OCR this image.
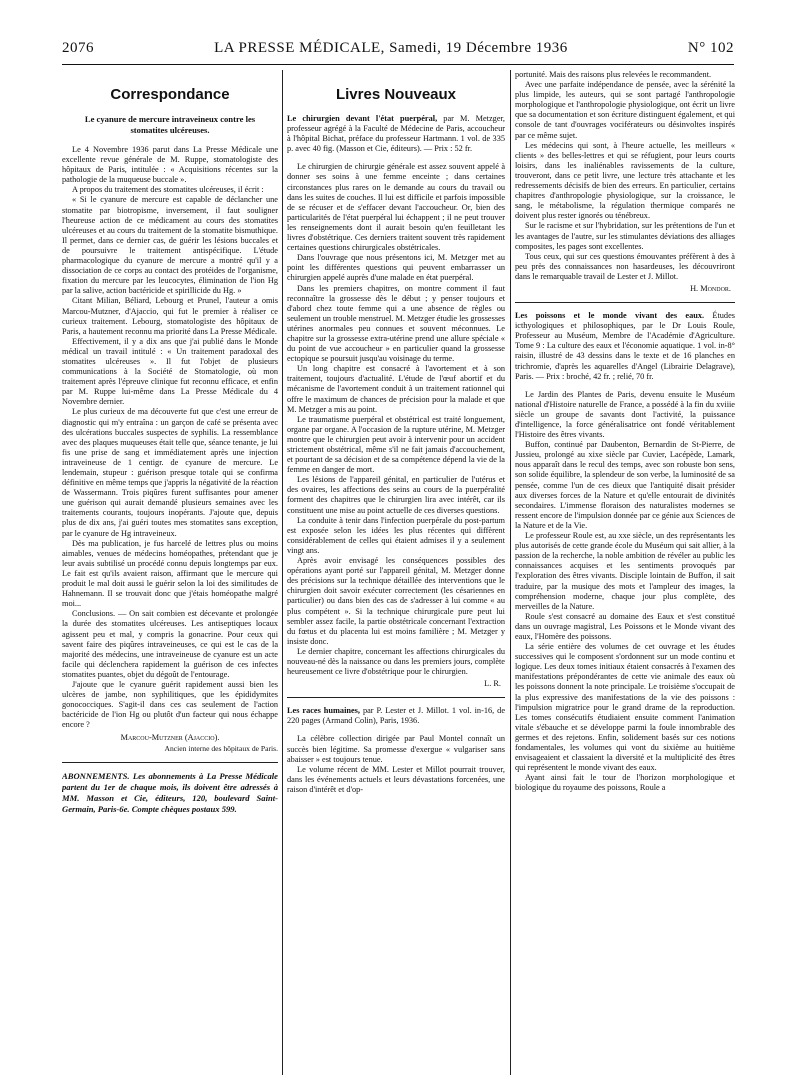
2076	LA PRESSE MÉDICALE, Samedi, 19 Décembre 1936	N° 102
Correspondance
Le cyanure de mercure intraveineux contre les stomatites ulcéreuses.

Le 4 Novembre 1936 parut dans La Presse Médicale une excellente revue générale de M. Ruppe, stomatologiste des hôpitaux de Paris, intitulée : « Acquisitions récentes sur la pathologie de la muqueuse buccale ».

A propos du traitement des stomatites ulcéreuses, il écrit :

« Si le cyanure de mercure est capable de déclancher une stomatite par biotropisme, inversement, il faut souligner l'heureuse action de ce médicament au cours des stomatites ulcéreuses et au cours du traitement de la stomatite bismuthique. Il permet, dans ce dernier cas, de guérir les lésions buccales et de poursuivre le traitement antispécifique. L'étude pharmacologique du cyanure de mercure a montré qu'il y a dissociation de ce corps au contact des protéides de l'organisme, fixation du mercure par les leucocytes, élimination de l'ion Hg par la salive, action bactéricide et spirillicide du Hg. »

Citant Milian, Béliard, Lebourg et Prunel, l'auteur a omis Marcou-Mutzner, d'Ajaccio, qui fut le premier à réaliser ce curieux traitement. Lebourg, stomatologiste des hôpitaux de Paris, a hautement reconnu ma priorité dans La Presse Médicale.

Effectivement, il y a dix ans que j'ai publié dans le Monde médical un travail intitulé : « Un traitement paradoxal des stomatites ulcéreuses ». Il fut l'objet de plusieurs communications à la Société de Stomatologie, où mon traitement après l'épreuve clinique fut reconnu efficace, et enfin par M. Ruppe lui-même dans La Presse Médicale du 4 Novembre dernier.

Le plus curieux de ma découverte fut que c'est une erreur de diagnostic qui m'y entraîna : un garçon de café se présenta avec des ulcérations buccales suspectes de syphilis. La ressemblance avec des plaques muqueuses était telle que, séance tenante, je lui fis une prise de sang et immédiatement après une injection intraveineuse de 1 centigr. de cyanure de mercure. Le lendemain, stupeur : guérison presque totale qui se confirma définitive en même temps que j'appris la négativité de la réaction de Wassermann. Trois piqûres furent suffisantes pour amener une guérison qui aurait demandé plusieurs semaines avec les traitements courants, toujours inopérants. J'ajoute que, depuis plus de dix ans, j'ai guéri toutes mes stomatites sans exception, par le cyanure de Hg intraveineux.

Dès ma publication, je fus harcelé de lettres plus ou moins aimables, venues de médecins homéopathes, prétendant que je leur avais subtilisé un procédé connu depuis longtemps par eux. Le fait est qu'ils avaient raison, affirmant que le mercure qui produit le mal doit aussi le guérir selon la loi des similitudes de Hahnemann. Il se trouvait donc que j'étais homéopathe malgré moi...

Conclusions. — On sait combien est décevante et prolongée la durée des stomatites ulcéreuses. Les antiseptiques locaux agissent peu et mal, y compris la gonacrine. Pour ceux qui savent faire des piqûres intraveineuses, ce qui est le cas de la majorité des médecins, une intraveineuse de cyanure est un acte facile qui déclenchera rapidement la guérison de ces infectes stomatites puantes, objet du dégoût de l'entourage.

J'ajoute que le cyanure guérit rapidement aussi bien les ulcères de jambe, non syphilitiques, que les épididymites gonococciques. S'agit-il dans ces cas seulement de l'action bactéricide de l'ion Hg ou plutôt d'un facteur qui nous échappe encore ?

Marcou-Mutzner (Ajaccio).
Ancien interne des hôpitaux de Paris.
ABONNEMENTS. Les abonnements à La Presse Médicale partent du 1er de chaque mois, ils doivent être adressés à MM. Masson et Cie, éditeurs, 120, boulevard Saint-Germain, Paris-6e. Compte chèques postaux 599.
Livres Nouveaux

Le chirurgien devant l'état puerpéral, par M. Metzger, professeur agrégé à la Faculté de Médecine de Paris, accoucheur à l'hôpital Bichat, préface du professeur Hartmann. 1 vol. de 335 p. avec 40 fig. (Masson et Cie, éditeurs). — Prix : 52 fr.

Le chirurgien de chirurgie générale est assez souvent appelé à donner ses soins à une femme enceinte ; dans certaines circonstances plus rares on le demande au cours du travail ou dans les suites de couches. Il lui est difficile et parfois impossible de se récuser et de s'effacer devant l'accoucheur. Or, bien des particularités de l'état puerpéral lui échappent ; il ne peut trouver les renseignements dont il aurait besoin qu'en feuilletant les livres d'obstétrique. Ces derniers traitent souvent très rapidement certaines questions chirurgicales obstétricales.

Dans l'ouvrage que nous présentons ici, M. Metzger met au point les différentes questions qui peuvent embarrasser un chirurgien appelé auprès d'une malade en état puerpéral.

Dans les premiers chapitres, on montre comment il faut reconnaître la grossesse dès le début ; y penser toujours et d'abord chez toute femme qui a une absence de règles ou seulement un trouble menstruel. M. Metzger étudie les grossesses utérines anormales peu connues et souvent méconnues. Le chapitre sur la grossesse extra-utérine prend une allure spéciale « du point de vue accoucheur » en particulier quand la grossesse ectopique se poursuit jusqu'au voisinage du terme.

Un long chapitre est consacré à l'avortement et à son traitement, toujours d'actualité. L'étude de l'œuf abortif et du mécanisme de l'avortement conduit à un traitement rationnel qui offre le maximum de chances de précision pour la malade et que M. Metzger a mis au point.

Le traumatisme puerpéral et obstétrical est traité longuement, organe par organe. A l'occasion de la rupture utérine, M. Metzger montre que le chirurgien peut avoir à intervenir pour un accident strictement obstétrical, même s'il ne fait jamais d'accouchement, et pourtant de sa décision et de sa compétence dépend la vie de la femme en danger de mort.

Les lésions de l'appareil génital, en particulier de l'utérus et des ovaires, les affections des seins au cours de la puerpéralité forment des chapitres que le chirurgien lira avec intérêt, car ils constituent une mise au point actuelle de ces diverses questions.

La conduite à tenir dans l'infection puerpérale du post-partum est exposée selon les idées les plus récentes qui diffèrent considérablement de celles qui étaient admises il y a seulement vingt ans.

Après avoir envisagé les conséquences possibles des opérations ayant porté sur l'appareil génital, M. Metzger donne des précisions sur la technique détaillée des interventions que le chirurgien doit savoir exécuter correctement (les césariennes en particulier) ou dans bien des cas de s'adresser à lui comme « au plus compétent ». Si la technique chirurgicale pure peut lui sembler assez facile, la partie obstétricale concernant l'extraction du fœtus et du placenta lui est moins familière ; M. Metzger y insiste donc.

Le dernier chapitre, concernant les affections chirurgicales du nouveau-né dès la naissance ou dans les premiers jours, complète heureusement ce livre d'obstétrique pour le chirurgien.

L. R.

Les races humaines, par P. Lester et J. Millot. 1 vol. in-16, de 220 pages (Armand Colin), Paris, 1936.

La célèbre collection dirigée par Paul Montel connaît un succès bien légitime. Sa promesse d'exergue « vulgariser sans abaisser » est toujours tenue.

Le volume récent de MM. Lester et Millot pourrait trouver, dans les événements actuels et leurs dévastations forcenées, une raison d'intérêt et d'op-

portunité. Mais des raisons plus relevées le recommandent.

Avec une parfaite indépendance de pensée, avec la sérénité la plus limpide, les auteurs, qui se sont partagé l'anthropologie morphologique et l'anthropologie physiologique, ont écrit un livre que sa documentation et son écriture distinguent également, et qui console de tant d'ouvrages vociférateurs ou désinvoltes inspirés par ce même sujet.

Les médecins qui sont, à l'heure actuelle, les meilleurs « clients » des belles-lettres et qui se réfugient, pour leurs courts loisirs, dans les inaliénables ravissements de la culture, trouveront, dans ce petit livre, une lecture très attachante et les redressements décisifs de bien des erreurs. En particulier, certains chapitres d'anthropologie physiologique, sur la croissance, le sang, le métabolisme, la régulation thermique comparés ne doivent plus rester ignorés ou ténébreux.

Sur le racisme et sur l'hybridation, sur les prétentions de l'un et les avantages de l'autre, sur les stimulantes déviations des alliages composites, les pages sont excellentes.

Tous ceux, qui sur ces questions émouvantes préfèrent à des à peu près des connaissances non hasardeuses, les découvriront dans le remarquable travail de Lester et J. Millot.

H. Mondor.

Les poissons et le monde vivant des eaux. Études icthyologiques et philosophiques, par le Dr Louis Roule, Professeur au Muséum, Membre de l'Académie d'Agriculture. Tome 9 : La culture des eaux et l'économie aquatique. 1 vol. in-8° raisin, illustré de 43 dessins dans le texte et de 16 planches en trichromie, d'après les aquarelles d'Angel (Librairie Delagrave), Paris. — Prix : broché, 42 fr. ; relié, 70 fr.

Le Jardin des Plantes de Paris, devenu ensuite le Muséum national d'Histoire naturelle de France, a possédé à la fin du xviiie siècle un groupe de savants dont l'activité, la puissance d'intelligence, la force généralisatrice ont fondé véritablement l'Histoire des êtres vivants.

Buffon, continué par Daubenton, Bernardin de St-Pierre, de Jussieu, prolongé au xixe siècle par Cuvier, Lacépède, Lamark, nous apparaît dans le recul des temps, avec son robuste bon sens, son solide équilibre, la splendeur de son verbe, la luminosité de sa pensée, comme l'un de ces dieux que l'antiquité disait présider aux diverses forces de la Nature et qu'elle entourait de divinités secondaires. L'immense floraison des naturalistes modernes se ressent encore de l'impulsion donnée par ce génie aux Sciences de la Nature et de la Vie.

Le professeur Roule est, au xxe siècle, un des représentants les plus autorisés de cette grande école du Muséum qui sait allier, à la passion de la recherche, la noble ambition de révéler au public les connaissances acquises et les sentiments provoqués par l'exploration des êtres vivants. Disciple lointain de Buffon, il sait traduire, par la musique des mots et l'ampleur des images, la compréhension moderne, chaque jour plus complète, des merveilles de la Nature.

Roule s'est consacré au domaine des Eaux et s'est constitué dans un ouvrage magistral, Les Poissons et le Monde vivant des eaux, l'Homère des poissons.

La série entière des volumes de cet ouvrage et les études successives qui le composent s'ordonnent sur un mode continu et logique. Les deux tomes initiaux étaient consacrés à l'examen des manifestations prépondérantes de cette vie animale des eaux où les poissons donnent la note principale. Le troisième s'occupait de la plus expressive des manifestations de la vie des poissons : l'impulsion migratrice pour le grand drame de la reproduction. Les tomes consécutifs étudiaient ensuite comment l'animation vitale s'ébauche et se développe parmi la foule innombrable des germes et des rejetons. Enfin, solidement basés sur ces notions fondamentales, les volumes qui vont du sixième au huitième envisageaient et classaient la diversité et la multiplicité des êtres qui représentent le monde vivant des eaux.

Ayant ainsi fait le tour de l'horizon morphologique et biologique du royaume des poissons, Roule a
